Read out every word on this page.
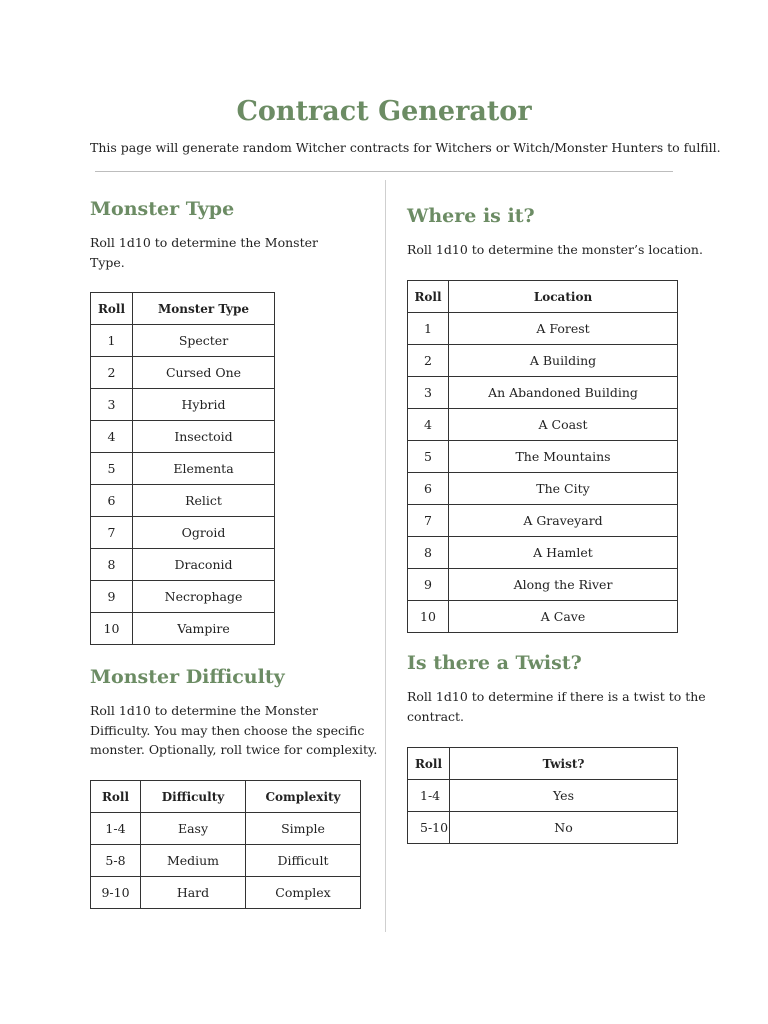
Contract Generator
This page will generate random Witcher contracts for Witchers or Witch/Monster Hunters to fulfill.
Monster Type
Roll 1d10 to determine the Monster
Type.
Roll	Monster Type
1	Specter
2	Cursed One
3	Hybrid
4	Insectoid
5	Elementa
6	Relict
7	Ogroid
8	Draconid
9	Necrophage
10	Vampire
Monster Difficulty
Roll 1d10 to determine the Monster
Difficulty. You may then choose the specific
monster. Optionally, roll twice for complexity.
Roll	Difficulty	Complexity
1-4	Easy	Simple
5-8	Medium	Difficult
9-10	Hard	Complex
Where is it?
Roll 1d10 to determine the monster’s location.
Roll	Location
1	A Forest
2	A Building
3	An Abandoned Building
4	A Coast
5	The Mountains
6	The City
7	A Graveyard
8	A Hamlet
9	Along the River
10	A Cave
Is there a Twist?
Roll 1d10 to determine if there is a twist to the
contract.
Roll	Twist?
1-4	Yes
5-10	No
